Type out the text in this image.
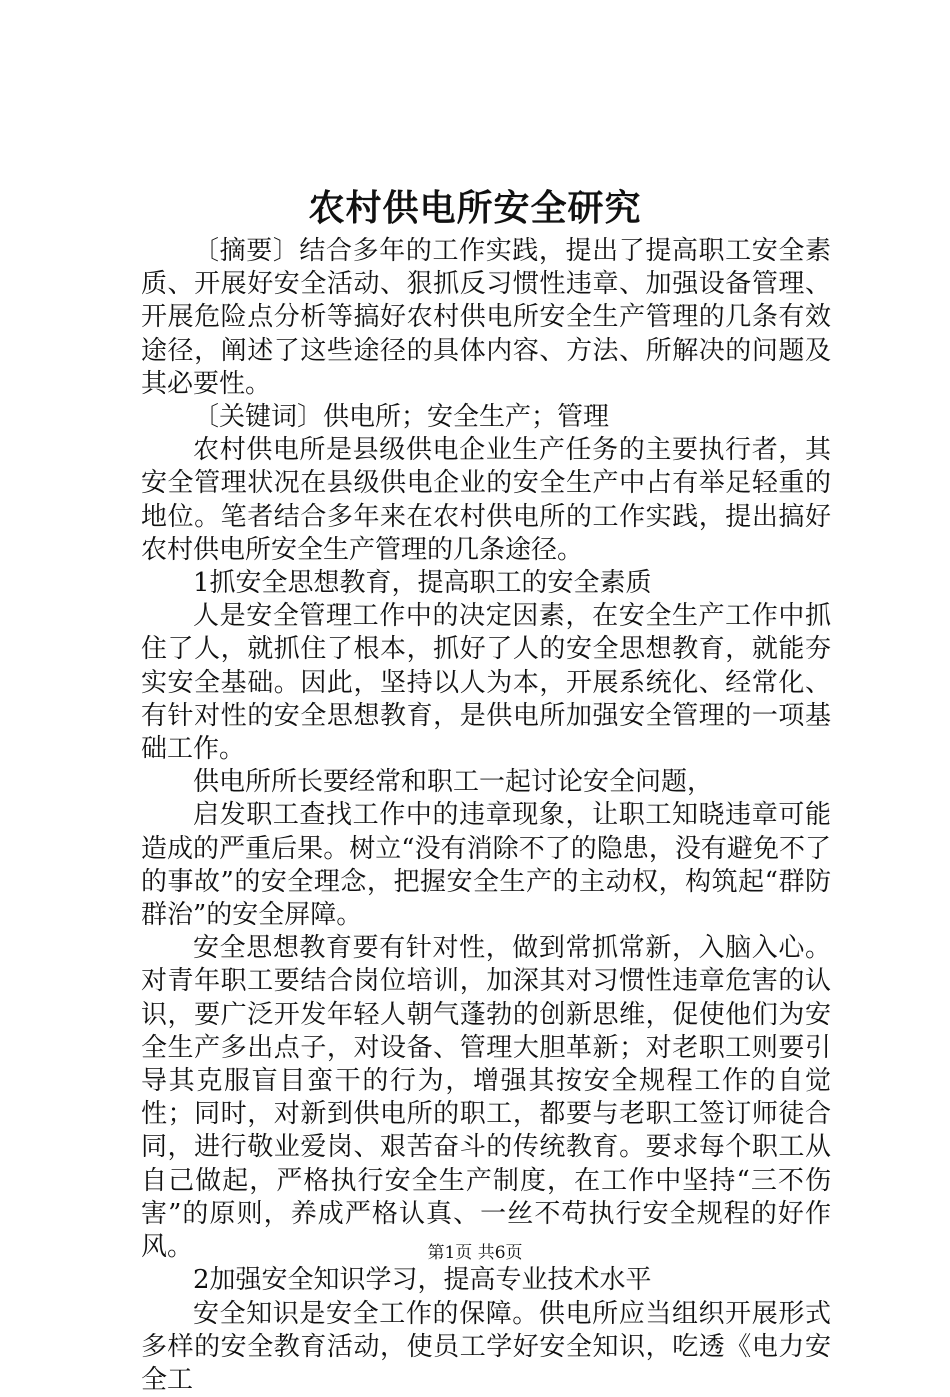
农村供电所安全研究

〔摘要〕结合多年的工作实践，提出了提高职工安全素质、开展好安全活动、狠抓反习惯性违章、加强设备管理、开展危险点分析等搞好农村供电所安全生产管理的几条有效途径，阐述了这些途径的具体内容、方法、所解决的问题及其必要性。

〔关键词〕供电所；安全生产；管理

农村供电所是县级供电企业生产任务的主要执行者，其安全管理状况在县级供电企业的安全生产中占有举足轻重的地位。笔者结合多年来在农村供电所的工作实践，提出搞好农村供电所安全生产管理的几条途径。

1抓安全思想教育，提高职工的安全素质

人是安全管理工作中的决定因素，在安全生产工作中抓住了人，就抓住了根本，抓好了人的安全思想教育，就能夯实安全基础。因此，坚持以人为本，开展系统化、经常化、有针对性的安全思想教育，是供电所加强安全管理的一项基础工作。

供电所所长要经常和职工一起讨论安全问题，

启发职工查找工作中的违章现象，让职工知晓违章可能造成的严重后果。树立“没有消除不了的隐患，没有避免不了的事故”的安全理念，把握安全生产的主动权，构筑起“群防群治”的安全屏障。

安全思想教育要有针对性，做到常抓常新，入脑入心。对青年职工要结合岗位培训，加深其对习惯性违章危害的认识，要广泛开发年轻人朝气蓬勃的创新思维，促使他们为安全生产多出点子，对设备、管理大胆革新；对老职工则要引导其克服盲目蛮干的行为，增强其按安全规程工作的自觉性；同时，对新到供电所的职工，都要与老职工签订师徒合同，进行敬业爱岗、艰苦奋斗的传统教育。要求每个职工从自己做起，严格执行安全生产制度，在工作中坚持“三不伤害”的原则，养成严格认真、一丝不苟执行安全规程的好作风。

2加强安全知识学习，提高专业技术水平

安全知识是安全工作的保障。供电所应当组织开展形式多样的安全教育活动，使员工学好安全知识，吃透《电力安全工

第1页 共6页
